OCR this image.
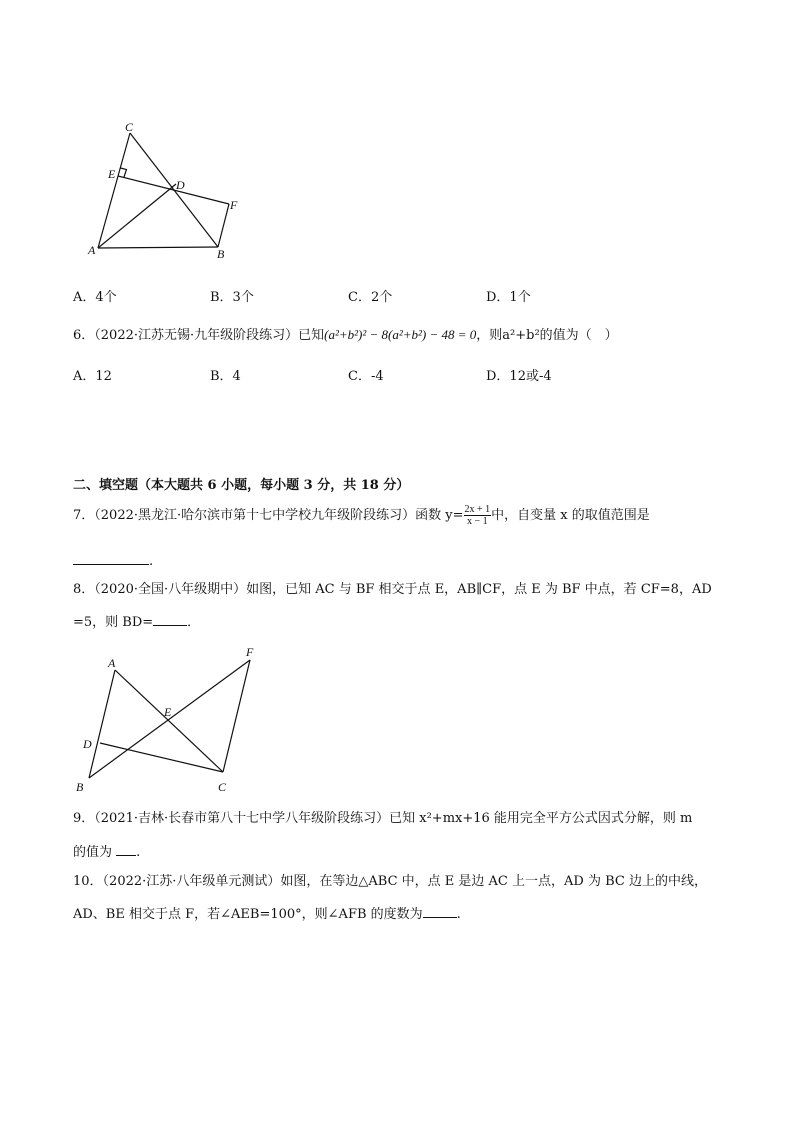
C
E
D
F
A	B
A．4个	B．3个	C．2个	D．1个
6．（2022·江苏无锡·九年级阶段练习）已知(a²+b²)² − 8(a²+b²) − 48 = 0，则a²+b²的值为（　）
A．12	B．4	C．-4	D．12或-4
二、填空题（本大题共 6 小题，每小题 3 分，共 18 分）
7．（2022·黑龙江·哈尔滨市第十七中学校九年级阶段练习）函数 $y= \frac{2x + 1}{x - 1}$ 中，自变量 x 的取值范围是
.
8．（2020·全国·八年级期中）如图，已知 AC 与 BF 相交于点 E，AB∥CF，点 E 为 BF 中点，若 CF=8，AD
=5，则 BD=	．
A
F
E
D
B	C
9．（2021·吉林·长春市第八十七中学八年级阶段练习）已知 x²+mx+16 能用完全平方公式因式分解，则 m
的值为 .
10．（2022·江苏·八年级单元测试）如图，在等边△ABC 中，点 E 是边 AC 上一点，AD 为 BC 边上的中线，
AD、BE 相交于点 F，若∠AEB=100°，则∠AFB 的度数为	.
